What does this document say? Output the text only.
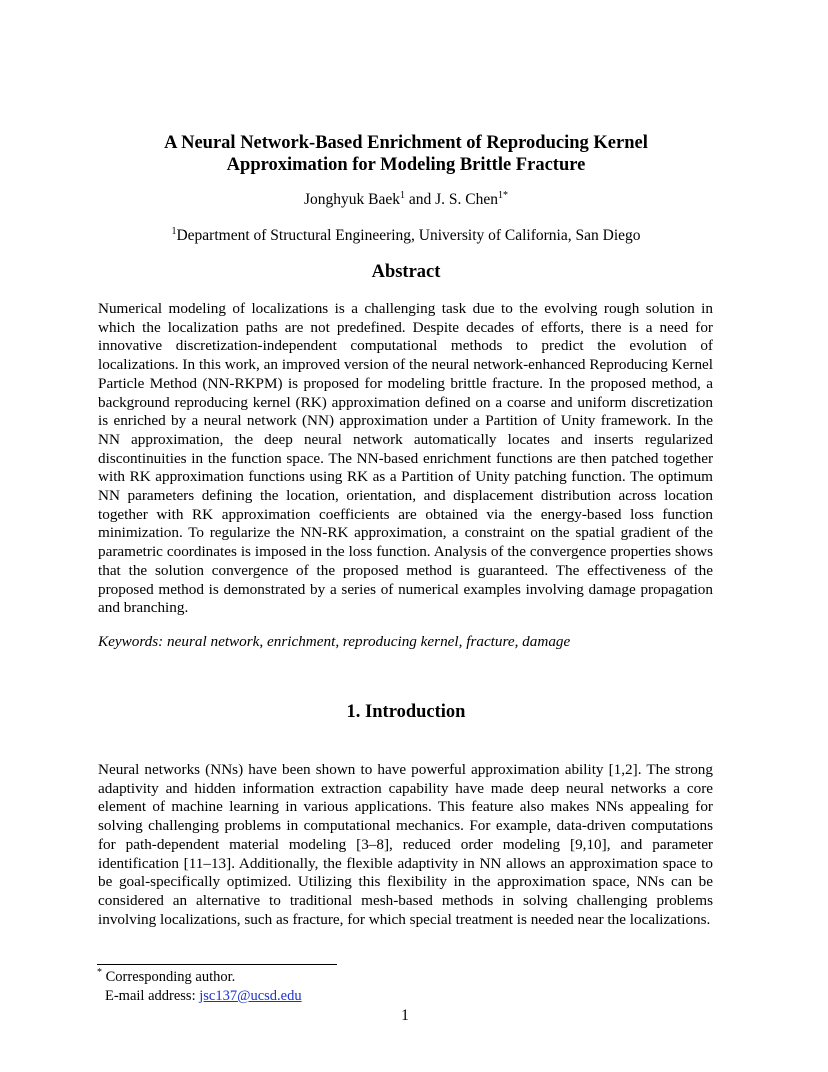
A Neural Network-Based Enrichment of Reproducing Kernel
Approximation for Modeling Brittle Fracture
Jonghyuk Baek$^1$ and J. S. Chen$^{1*}$
$^1$Department of Structural Engineering, University of California, San Diego
Abstract
Numerical modeling of localizations is a challenging task due to the evolving rough solution in which the localization paths are not predefined. Despite decades of efforts, there is a need for innovative discretization-independent computational methods to predict the evolution of localizations. In this work, an improved version of the neural network-enhanced Reproducing Kernel Particle Method (NN-RKPM) is proposed for modeling brittle fracture. In the proposed method, a background reproducing kernel (RK) approximation defined on a coarse and uniform discretization is enriched by a neural network (NN) approximation under a Partition of Unity framework. In the NN approximation, the deep neural network automatically locates and inserts regularized discontinuities in the function space. The NN-based enrichment functions are then patched together with RK approximation functions using RK as a Partition of Unity patching function. The optimum NN parameters defining the location, orientation, and displacement distribution across location together with RK approximation coefficients are obtained via the energy-based loss function minimization. To regularize the NN-RK approximation, a constraint on the spatial gradient of the parametric coordinates is imposed in the loss function. Analysis of the convergence properties shows that the solution convergence of the proposed method is guaranteed. The effectiveness of the proposed method is demonstrated by a series of numerical examples involving damage propagation and branching.
Keywords: neural network, enrichment, reproducing kernel, fracture, damage
1. Introduction
Neural networks (NNs) have been shown to have powerful approximation ability [1,2]. The strong adaptivity and hidden information extraction capability have made deep neural networks a core element of machine learning in various applications. This feature also makes NNs appealing for solving challenging problems in computational mechanics. For example, data-driven computations for path-dependent material modeling [3–8], reduced order modeling [9,10], and parameter identification [11–13]. Additionally, the flexible adaptivity in NN allows an approximation space to be goal-specifically optimized. Utilizing this flexibility in the approximation space, NNs can be considered an alternative to traditional mesh-based methods in solving challenging problems involving localizations, such as fracture, for which special treatment is needed near the localizations.
* Corresponding author.
E-mail address: jsc137@ucsd.edu
1
